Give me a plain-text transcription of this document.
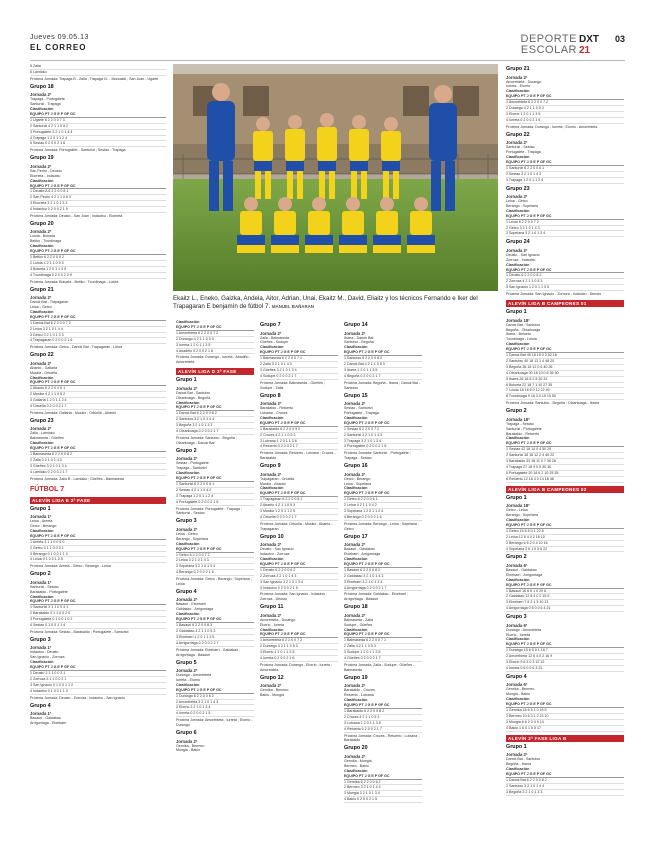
Jueves 09.05.13
EL CORREO
DEPORTE
ESCOLAR
DXT
21
03
5 Zalla
6 Lamiako
Próxima Jornada: Trapaga B - Zalla ; Trapaga Cl. - Munoaldi ; San Juan - Ugarte
Grupo 18
Jornada 2ª
Trapaga - Portugalete
Santurtzi - Trapaga
Clasificación
EQUIPO PT J G E P GF GC
1 Ugarte 6 2 2 0 0 7 3
2 Santurtzi 4 2 1 1 0 5 2
3 Portugalete 3 2 1 0 1 4 4
4 Trapaga 1 2 0 1 1 2 4
5 Sestao 0 2 0 0 2 1 6
Próxima Jornada: Portugalete - Santurtzi ; Sestao - Trapaga
Grupo 19
Jornada 2ª
San Pedro - Deusto
Elorrieta - Indautxu
Clasificación
EQUIPO PT J G E P GF GC
1 Deusto A 6 2 2 0 0 8 1
2 San Pedro 4 2 1 1 0 6 3
3 Elorrieta 3 2 1 0 1 3 3
4 Indautxu 0 2 0 0 2 1 9
Próxima Jornada: Deusto - San Juan ; Indautxu - Elorrieta
Grupo 20
Jornada 2ª
Loiola - Bolueta
Betiko - Txurdinaga
Clasificación
EQUIPO PT J G E P GF GC
1 Betiko 6 2 2 0 0 9 2
2 Loiola 4 2 1 1 0 5 3
3 Bolueta 1 2 0 1 1 3 5
4 Txurdinaga 0 2 0 0 2 2 9
Próxima Jornada: Bolueta - Betiko ; Txurdinaga - Loiola
Grupo 21
Jornada 2ª
Danok Bat - Trapagaran
Leioa - Getxo
Clasificación
EQUIPO PT J G E P GF GC
1 Danok Bat 6 2 2 0 0 7 2
2 Leioa 3 2 1 0 1 4 4
3 Getxo 3 2 1 0 1 3 3
4 Trapagaran 0 2 0 0 2 1 6
Próxima Jornada: Getxo - Danok Bat ; Trapagaran - Leioa
Grupo 22
Jornada 2ª
Abanto - Gallarta
Muskiz - Ortuella
Clasificación
EQUIPO PT J G E P GF GC
1 Abanto 6 2 2 0 0 6 1
2 Muskiz 4 2 1 1 0 5 2
3 Gallarta 1 2 0 1 1 2 4
4 Ortuella 0 2 0 0 2 1 7
Próxima Jornada: Gallarta - Muskiz ; Ortuella - Abanto
Grupo 23
Jornada 2ª
Zalla - Lamiako
Balmaseda - Güeñes
Clasificación
EQUIPO PT J G E P GF GC
1 Balmaseda 6 2 2 0 0 8 2
2 Zalla 3 2 1 0 1 4 3
3 Güeñes 3 2 1 0 1 3 4
4 Lamiako 0 2 0 0 2 1 7
Próxima Jornada: Zalla B - Lamiako ; Güeñes - Balmaseda
FÚTBOL 7
ALEVÍN LIGA E 2ª FASE
Grupo 1
Jornada 1ª
Leioa - Areeta
Getxo - Berango
Clasificación
EQUIPO PT J G E P GF GC
1 Areeta 3 1 1 0 0 5 0
2 Getxo 3 1 1 0 0 3 1
3 Berango 0 1 0 0 1 1 3
4 Leioa 0 1 0 0 1 0 5
Próxima Jornada: Areeta - Getxo ; Berango - Leioa
Grupo 2
Jornada 1ª
Santurtzi - Sestao
Barakaldo - Portugalete
Clasificación
EQUIPO PT J G E P GF GC
1 Santurtzi 3 1 1 0 0 4 1
2 Barakaldo 3 1 1 0 0 2 0
3 Portugalete 0 1 0 0 1 0 2
4 Sestao 0 1 0 0 1 1 4
Próxima Jornada: Sestao - Barakaldo ; Portugalete - Santurtzi
Grupo 3
Jornada 1ª
Indautxu - Deusto
San Ignacio - Zorroza
Clasificación
EQUIPO PT J G E P GF GC
1 Deusto 3 1 1 0 0 3 1
2 Zorroza 3 1 1 0 0 2 1
3 San Ignacio 0 1 0 0 1 1 2
4 Indautxu 0 1 0 0 1 1 3
Próxima Jornada: Deusto - Zorroza ; Indautxu - San Ignacio
Grupo 4
Jornada 1ª
Basauri - Galdakao
Arrigorriaga - Etxebarri
Ekaitz L., Eneko, Gaizka, Andela, Aitor, Adrian, Unai, Ekaitz M., David, Eliaitz y los técnicos Fernando e Iker del Trapagaran E benjamín de fútbol 7. MANUEL BAÑARAN
Clasificación
EQUIPO PT J G E P GF GC
1 Amorebieta 6 2 2 0 0 7 2
2 Durango 4 2 1 1 0 5 3
3 Iurreta 1 2 0 1 1 3 5
4 Abadiño 0 2 0 0 2 1 6
Próxima Jornada: Durango - Iurreta ; Abadiño - Amorebieta
ALEVÍN LIGA D 2ª FASE
Grupo 1
Jornada 2ª
Danok Bat - Santutxu
Otxarkoaga - Begoña
Clasificación
EQUIPO PT J G E P GF GC
1 Danok Bat 6 2 2 0 0 8 2
2 Santutxu 3 2 1 0 1 4 4
3 Begoña 3 2 1 0 1 3 3
4 Otxarkoaga 0 2 0 0 2 1 7
Próxima Jornada: Santutxu - Begoña ; Otxarkoaga - Danok Bat
Grupo 2
Jornada 2ª
Sestao - Portugalete
Trapaga - Santurtzi
Clasificación
EQUIPO PT J G E P GF GC
1 Santurtzi 6 2 2 0 0 6 1
2 Sestao 4 2 1 1 0 4 2
3 Trapaga 1 2 0 1 1 2 4
4 Portugalete 0 2 0 0 2 1 6
Próxima Jornada: Portugalete - Trapaga ; Santurtzi - Sestao
Grupo 3
Jornada 2ª
Leioa - Getxo
Berango - Sopelana
Clasificación
EQUIPO PT J G E P GF GC
1 Getxo 6 2 2 0 0 7 2
2 Leioa 3 2 1 0 1 4 3
3 Sopelana 3 2 1 0 1 3 4
4 Berango 0 2 0 0 2 1 6
Próxima Jornada: Getxo - Berango ; Sopelana - Leioa
Grupo 4
Jornada 2ª
Basauri - Etxebarri
Galdakao - Arrigorriaga
Clasificación
EQUIPO PT J G E P GF GC
1 Basauri 6 2 2 0 0 8 3
2 Galdakao 4 2 1 1 0 5 3
3 Etxebarri 1 2 0 1 1 3 5
4 Arrigorriaga 0 2 0 0 2 2 7
Próxima Jornada: Etxebarri - Galdakao ; Arrigorriaga - Basauri
Grupo 5
Jornada 2ª
Durango - Amorebieta
Iurreta - Elorrio
Clasificación
EQUIPO PT J G E P GF GC
1 Durango 6 2 2 0 0 6 2
2 Amorebieta 3 2 1 0 1 4 3
3 Elorrio 3 2 1 0 1 3 4
4 Iurreta 0 2 0 0 2 1 5
Próxima Jornada: Amorebieta - Iurreta ; Elorrio - Durango
Grupo 6
Jornada 2ª
Gernika - Bermeo
Mungia - Bakio
Grupo 7
Jornada 2ª
Zalla - Balmaseda
Güeñes - Sodupe
Clasificación
EQUIPO PT J G E P GF GC
1 Balmaseda 6 2 2 0 0 7 1
2 Zalla 3 2 1 0 1 4 3
3 Güeñes 3 2 1 0 1 3 4
4 Sodupe 0 2 0 0 2 1 7
Próxima Jornada: Balmaseda - Güeñes ; Sodupe - Zalla
Grupo 8
Jornada 2ª
Barakaldo - Retuerto
Lutxana - Cruces
Clasificación
EQUIPO PT J G E P GF GC
1 Barakaldo 6 2 2 0 0 9 2
2 Cruces 4 2 1 1 0 5 3
3 Lutxana 1 2 0 1 1 3 6
4 Retuerto 0 2 0 0 2 1 7
Próxima Jornada: Retuerto - Lutxana ; Cruces - Barakaldo
Grupo 9
Jornada 2ª
Trapagaran - Ortuella
Muskiz - Abanto
Clasificación
EQUIPO PT J G E P GF GC
1 Trapagaran 6 2 2 0 0 8 1
2 Abanto 4 2 1 1 0 5 3
3 Muskiz 1 2 0 1 1 2 5
4 Ortuella 0 2 0 0 2 1 7
Próxima Jornada: Ortuella - Muskiz ; Abanto - Trapagaran
Grupo 10
Jornada 2ª
Deusto - San Ignacio
Indautxu - Zorroza
Clasificación
EQUIPO PT J G E P GF GC
1 Deusto 6 2 2 0 0 6 2
2 Zorroza 3 2 1 0 1 4 3
3 San Ignacio 3 2 1 0 1 3 4
4 Indautxu 0 2 0 0 2 1 5
Próxima Jornada: San Ignacio - Indautxu ; Zorroza - Deusto
Grupo 11
Jornada 2ª
Amorebieta - Durango
Elorrio - Iurreta
Clasificación
EQUIPO PT J G E P GF GC
1 Amorebieta 6 2 2 0 0 7 2
2 Durango 4 2 1 1 0 5 3
3 Elorrio 1 2 0 1 1 3 5
4 Iurreta 0 2 0 0 2 1 6
Próxima Jornada: Durango - Elorrio ; Iurreta - Amorebieta
Grupo 12
Jornada 2ª
Gernika - Bermeo
Bakio - Mungia
Grupo 14
Jornada 2ª
Ibarra - Danok Bat
Santutxu - Begoña
Clasificación
EQUIPO PT J G E P GF GC
1 Santutxu 6 2 2 0 0 8 2
2 Danok Bat 4 2 1 1 0 5 3
3 Ibarra 1 2 0 1 1 3 5
4 Begoña 0 2 0 0 2 1 7
Próxima Jornada: Begoña - Ibarra ; Danok Bat - Santutxu
Grupo 15
Jornada 2ª
Sestao - Santurtzi
Portugalete - Trapaga
Clasificación
EQUIPO PT J G E P GF GC
1 Sestao 6 2 2 0 0 7 2
2 Santurtzi 3 2 1 0 1 4 3
3 Trapaga 3 2 1 0 1 3 4
4 Portugalete 0 2 0 0 2 1 6
Próxima Jornada: Santurtzi - Portugalete ; Trapaga - Sestao
Grupo 16
Jornada 2ª
Getxo - Berango
Leioa - Sopelana
Clasificación
EQUIPO PT J G E P GF GC
1 Getxo 6 2 2 0 0 6 1
2 Leioa 4 2 1 1 0 4 2
3 Sopelana 1 2 0 1 1 2 4
4 Berango 0 2 0 0 2 1 6
Próxima Jornada: Berango - Leioa ; Sopelana - Getxo
Grupo 17
Jornada 2ª
Basauri - Galdakao
Etxebarri - Arrigorriaga
Clasificación
EQUIPO PT J G E P GF GC
1 Basauri 6 2 2 0 0 8 2
2 Galdakao 3 2 1 0 1 4 3
3 Etxebarri 3 2 1 0 1 3 4
4 Arrigorriaga 0 2 0 0 2 1 7
Próxima Jornada: Galdakao - Etxebarri ; Arrigorriaga - Basauri
Grupo 18
Jornada 2ª
Balmaseda - Zalla
Sodupe - Güeñes
Clasificación
EQUIPO PT J G E P GF GC
1 Balmaseda 6 2 2 0 0 7 1
2 Zalla 4 2 1 1 0 5 3
3 Sodupe 1 2 0 1 1 3 5
4 Güeñes 0 2 0 0 2 1 7
Próxima Jornada: Zalla - Sodupe ; Güeñes - Balmaseda
Grupo 19
Jornada 2ª
Barakaldo - Cruces
Retuerto - Lutxana
Clasificación
EQUIPO PT J G E P GF GC
1 Barakaldo 6 2 2 0 0 8 2
2 Cruces 4 2 1 1 0 5 3
3 Lutxana 1 2 0 1 1 3 5
4 Retuerto 0 2 0 0 2 1 7
Próxima Jornada: Cruces - Retuerto ; Lutxana - Barakaldo
Grupo 20
Jornada 2ª
Gernika - Mungia
Bermeo - Bakio
Clasificación
EQUIPO PT J G E P GF GC
1 Gernika 6 2 2 0 0 6 2
2 Bermeo 3 2 1 0 1 4 3
3 Mungia 3 2 1 0 1 3 4
4 Bakio 0 2 0 0 2 1 5
Grupo 21
Jornada 2ª
Amorebieta - Durango
Iurreta - Elorrio
Clasificación
EQUIPO PT J G E P GF GC
1 Amorebieta 6 2 2 0 0 7 2
2 Durango 4 2 1 1 0 5 3
3 Elorrio 1 2 0 1 1 3 5
4 Iurreta 0 2 0 0 2 1 6
Próxima Jornada: Durango - Iurreta ; Elorrio - Amorebieta
Grupo 22
Jornada 2ª
Santurtzi - Sestao
Portugalete - Trapaga
Clasificación
EQUIPO PT J G E P GF GC
1 Santurtzi 6 2 2 0 0 6 1
2 Sestao 3 2 1 0 1 4 3
3 Trapaga 1 2 0 1 1 2 4
Grupo 23
Jornada 2ª
Leioa - Getxo
Berango - Sopelana
Clasificación
EQUIPO PT J G E P GF GC
1 Leioa 6 2 2 0 0 7 2
2 Getxo 3 2 1 0 1 4 3
3 Sopelana 3 2 1 0 1 3 4
Grupo 24
Jornada 2ª
Deusto - San Ignacio
Zorroza - Indautxu
Clasificación
EQUIPO PT J G E P GF GC
1 Deusto 6 2 2 0 0 8 2
2 Zorroza 4 2 1 1 0 5 3
3 San Ignacio 1 2 0 1 1 3 5
Próxima Jornada: San Ignacio - Zorroza ; Indautxu - Deusto
ALEVÍN LIGA B CAMPEONES 01
Grupo 1
Jornada 18ª
Danok Bat - Santutxu
Begoña - Otxarkoaga
Ibarra - Bolueta
Txurdinaga - Loiola
Clasificación
EQUIPO PT J G E P GF GC
1 Danok Bat 45 18 15 0 3 52 18
2 Santutxu 40 18 13 1 4 48 20
3 Begoña 36 18 12 0 6 40 26
4 Otxarkoaga 30 18 10 0 8 35 30
5 Ibarra 26 18 8 2 8 30 31
6 Bolueta 22 18 7 1 10 27 35
7 Loiola 18 18 6 0 12 22 40
8 Txurdinaga 9 18 3 0 15 15 50
Próxima Jornada: Santutxu - Begoña ; Otxarkoaga - Ibarra
Grupo 2
Jornada 18ª
Trapaga - Sestao
Santurtzi - Portugalete
Barakaldo - Retuerto
Clasificación
EQUIPO PT J G E P GF GC
1 Sestao 42 18 14 0 4 50 20
2 Santurtzi 38 18 12 2 4 45 22
3 Barakaldo 33 18 11 0 7 38 28
4 Trapaga 27 18 9 0 9 30 30
5 Portugalete 20 18 6 2 10 25 35
6 Retuerto 12 18 4 0 14 18 48
ALEVÍN LIGA B CAMPEONES 02
Grupo 1
Jornada 18ª
Getxo - Leioa
Berango - Sopelana
Clasificación
EQUIPO PT J G E P GF GC
1 Getxo 15 6 5 0 1 22 8
2 Leioa 12 6 4 0 2 18 10
3 Berango 6 6 2 0 4 10 16
4 Sopelana 3 6 1 0 5 6 22
Grupo 2
Jornada 6ª
Basauri - Galdakao
Etxebarri - Arrigorriaga
Clasificación
EQUIPO PT J G E P GF GC
1 Basauri 16 6 5 1 0 20 6
2 Galdakao 12 6 4 0 2 15 9
3 Etxebarri 7 6 2 1 3 10 13
4 Arrigorriaga 0 6 0 0 6 4 21
Grupo 3
Jornada 6ª
Durango - Amorebieta
Elorrio - Iurreta
Clasificación
EQUIPO PT J G E P GF GC
1 Durango 15 6 5 0 1 18 7
2 Amorebieta 12 6 4 0 2 16 9
3 Elorrio 9 6 3 0 3 12 12
4 Iurreta 0 6 0 0 6 3 21
Grupo 4
Jornada 6ª
Gernika - Bermeo
Mungia - Bakio
Clasificación
EQUIPO PT J G E P GF GC
1 Gernika 16 6 5 1 0 19 5
2 Bermeo 10 6 3 1 2 13 10
3 Mungia 6 6 2 0 4 9 14
4 Bakio 1 6 0 1 5 5 17
ALEVÍN 2ª FASE LIGA B
Grupo 1
Jornada 2ª
Danok Bat - Santutxu
Begoña - Ibarra
Clasificación
EQUIPO PT J G E P GF GC
1 Danok Bat 6 2 2 0 0 8 2
2 Santutxu 3 2 1 0 1 4 4
3 Begoña 3 2 1 0 1 3 3
